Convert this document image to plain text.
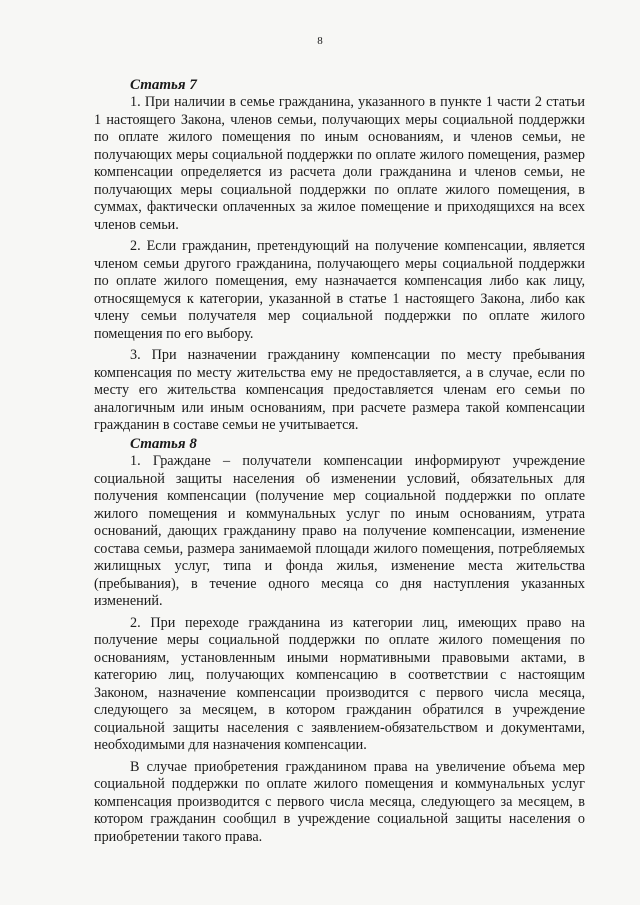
8
Статья 7

1. При наличии в семье гражданина, указанного в пункте 1 части 2 статьи 1 настоящего Закона, членов семьи, получающих меры социальной поддержки по оплате жилого помещения по иным основаниям, и членов семьи, не получающих меры социальной поддержки по оплате жилого помещения, размер компенсации определяется из расчета доли гражданина и членов семьи, не получающих меры социальной поддержки по оплате жилого помещения, в суммах, фактически оплаченных за жилое помещение и приходящихся на всех членов семьи.

2. Если гражданин, претендующий на получение компенсации, является членом семьи другого гражданина, получающего меры социальной поддержки по оплате жилого помещения, ему назначается компенсация либо как лицу, относящемуся к категории, указанной в статье 1 настоящего Закона, либо как члену семьи получателя мер социальной поддержки по оплате жилого помещения по его выбору.

3. При назначении гражданину компенсации по месту пребывания компенсация по месту жительства ему не предоставляется, а в случае, если по месту его жительства компенсация предоставляется членам его семьи по аналогичным или иным основаниям, при расчете размера такой компенсации гражданин в составе семьи не учитывается.

Статья 8

1. Граждане – получатели компенсации информируют учреждение социальной защиты населения об изменении условий, обязательных для получения компенсации (получение мер социальной поддержки по оплате жилого помещения и коммунальных услуг по иным основаниям, утрата оснований, дающих гражданину право на получение компенсации, изменение состава семьи, размера занимаемой площади жилого помещения, потребляемых жилищных услуг, типа и фонда жилья, изменение места жительства (пребывания), в течение одного месяца со дня наступления указанных изменений.

2. При переходе гражданина из категории лиц, имеющих право на получение меры социальной поддержки по оплате жилого помещения по основаниям, установленным иными нормативными правовыми актами, в категорию лиц, получающих компенсацию в соответствии с настоящим Законом, назначение компенсации производится с первого числа месяца, следующего за месяцем, в котором гражданин обратился в учреждение социальной защиты населения с заявлением-обязательством и документами, необходимыми для назначения компенсации.

В случае приобретения гражданином права на увеличение объема мер социальной поддержки по оплате жилого помещения и коммунальных услуг компенсация производится с первого числа месяца, следующего за месяцем, в котором гражданин сообщил в учреждение социальной защиты населения о приобретении такого права.
